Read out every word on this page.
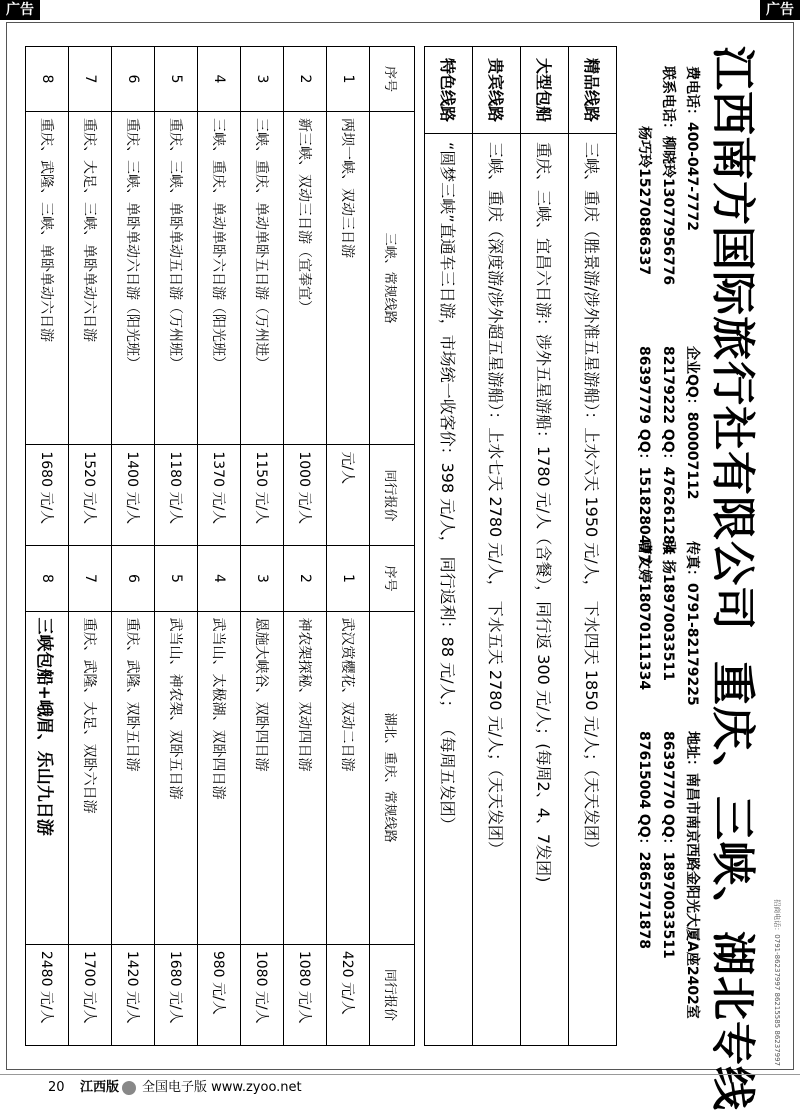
广告	广告
招商电话：0791-86237997 86215585 86237997
江西南方国际旅行社有限公司重庆、三峡、湖北专线
费电话：400-047-7772企业QQ：800007112传真：0791-82179225地址：南昌市南京西路金阳光大厦A座2402室
联系电话：柳晓玲1307795677682179222 QQ：476261284张 扬1897003351186397770 QQ：18970033511
杨巧玲1527088633786397779 QQ：1518280477曹文婷1807011133487615004 QQ：2865771878
精品线路	三峡、重庆（胜景游/涉外准五星游船）：上水六天 1950 元/人， 下水四天 1850 元/人；（天天发团）
大型包船	重庆、三峡、宜昌六日游：涉外五星游船：1780 元/人（含餐），同行返 300 元/人；(每周2、4、7发团)
贵宾线路	三峡、重庆（深度游/涉外超五星游船）：上水七天 2780 元/人， 下水五天 2780 元/人；（天天发团）
特色线路	“圆梦三峡”直通车三日游，市场统一收客价：398 元/人， 同行返利：88 元/人； （每周五发团）
序号	三峡、常规线路	同行报价	序号	湖北、重庆、常规线路	同行报价
1	两坝一峡、双动三日游	元/人	1	武汉赏樱花、双动二日游	420 元/人
2	新三峡、双动三日游（宜奉宜）	1000 元/人	2	神农架探秘、双动四日游	1080 元/人
3	三峡、重庆、单动单卧五日游（万州进）	1150 元/人	3	恩施大峡谷、双卧四日游	1080 元/人
4	三峡、重庆、单动单卧六日游（阳光班）	1370 元/人	4	武当山、太极湖、双卧四日游	980 元/人
5	重庆、三峡、单卧单动五日游（万州班）	1180 元/人	5	武当山、神农架、双卧五日游	1680 元/人
6	重庆、三峡、单卧单动六日游（阳光班）	1400 元/人	6	重庆、武隆、双卧五日游	1420 元/人
7	重庆、大足、三峡、单卧单动六日游	1520 元/人	7	重庆、武隆、大足、双卧六日游	1700 元/人
8	重庆、武隆、三峡、单卧单动六日游	1680 元/人	8	三峡包船+峨眉、乐山九日游	2480 元/人
20 江西版 全国电子版 www.zyoo.net
